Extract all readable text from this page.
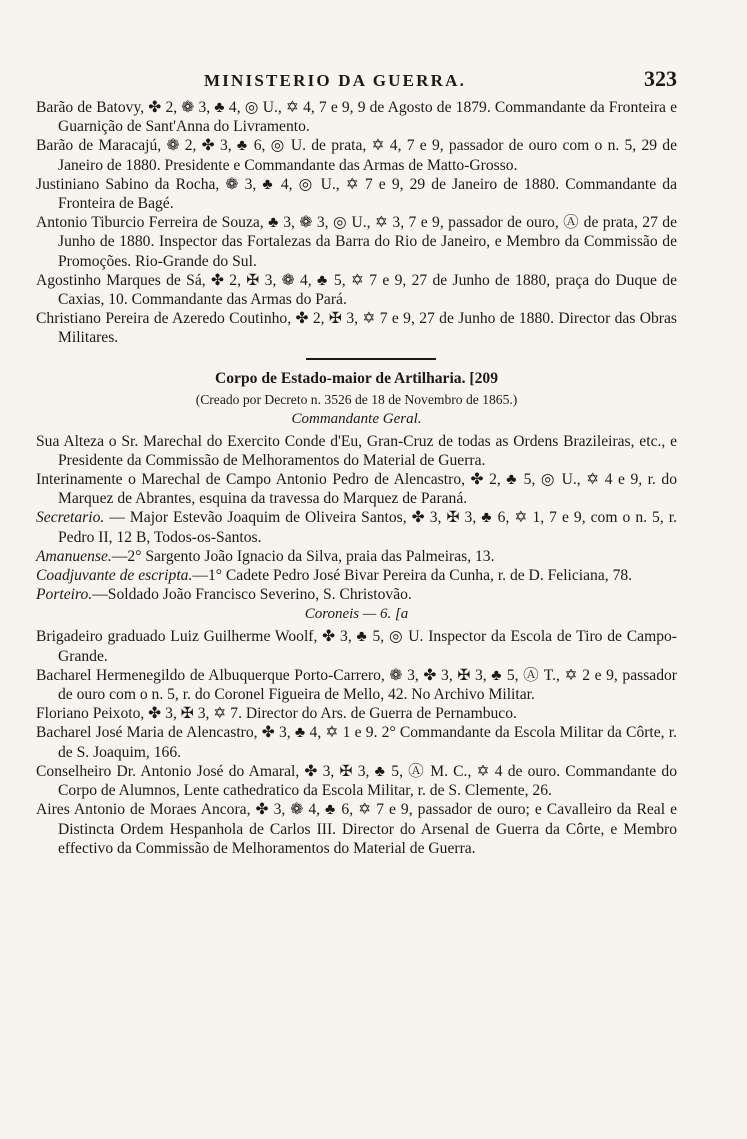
MINISTERIO DA GUERRA.	323

Barão de Batovy, ✤ 2, ❁ 3, ♣ 4, ◎ U., ✡ 4, 7 e 9, 9 de Agosto de 1879. Commandante da Fronteira e Guarnição de Sant'Anna do Livramento.

Barão de Maracajú, ❁ 2, ✤ 3, ♣ 6, ◎ U. de prata, ✡ 4, 7 e 9, passador de ouro com o n. 5, 29 de Janeiro de 1880. Presidente e Commandante das Armas de Matto-Grosso.

Justiniano Sabino da Rocha, ❁ 3, ♣ 4, ◎ U., ✡ 7 e 9, 29 de Janeiro de 1880. Commandante da Fronteira de Bagé.

Antonio Tiburcio Ferreira de Souza, ♣ 3, ❁ 3, ◎ U., ✡ 3, 7 e 9, passador de ouro, Ⓐ de prata, 27 de Junho de 1880. Inspector das Fortalezas da Barra do Rio de Janeiro, e Membro da Commissão de Promoções. Rio-Grande do Sul.

Agostinho Marques de Sá, ✤ 2, ✠ 3, ❁ 4, ♣ 5, ✡ 7 e 9, 27 de Junho de 1880, praça do Duque de Caxias, 10. Commandante das Armas do Pará.

Christiano Pereira de Azeredo Coutinho, ✤ 2, ✠ 3, ✡ 7 e 9, 27 de Junho de 1880. Director das Obras Militares.

Corpo de Estado-maior de Artilharia. [209
(Creado por Decreto n. 3526 de 18 de Novembro de 1865.)
Commandante Geral.

Sua Alteza o Sr. Marechal do Exercito Conde d'Eu, Gran-Cruz de todas as Ordens Brazileiras, etc., e Presidente da Commissão de Melhoramentos do Material de Guerra.

Interinamente o Marechal de Campo Antonio Pedro de Alencastro, ✤ 2, ♣ 5, ◎ U., ✡ 4 e 9, r. do Marquez de Abrantes, esquina da travessa do Marquez de Paraná.

Secretario. — Major Estevão Joaquim de Oliveira Santos, ✤ 3, ✠ 3, ♣ 6, ✡ 1, 7 e 9, com o n. 5, r. Pedro II, 12 B, Todos-os-Santos.

Amanuense.—2° Sargento João Ignacio da Silva, praia das Palmeiras, 13.

Coadjuvante de escripta.—1° Cadete Pedro José Bivar Pereira da Cunha, r. de D. Feliciana, 78.

Porteiro.—Soldado João Francisco Severino, S. Christovão.

Coroneis — 6. [a

Brigadeiro graduado Luiz Guilherme Woolf, ✤ 3, ♣ 5, ◎ U. Inspector da Escola de Tiro de Campo-Grande.

Bacharel Hermenegildo de Albuquerque Porto-Carrero, ❁ 3, ✤ 3, ✠ 3, ♣ 5, Ⓐ T., ✡ 2 e 9, passador de ouro com o n. 5, r. do Coronel Figueira de Mello, 42. No Archivo Militar.

Floriano Peixoto, ✤ 3, ✠ 3, ✡ 7. Director do Ars. de Guerra de Pernambuco.

Bacharel José Maria de Alencastro, ✤ 3, ♣ 4, ✡ 1 e 9. 2° Commandante da Escola Militar da Côrte, r. de S. Joaquim, 166.

Conselheiro Dr. Antonio José do Amaral, ✤ 3, ✠ 3, ♣ 5, Ⓐ M. C., ✡ 4 de ouro. Commandante do Corpo de Alumnos, Lente cathedratico da Escola Militar, r. de S. Clemente, 26.

Aires Antonio de Moraes Ancora, ✤ 3, ❁ 4, ♣ 6, ✡ 7 e 9, passador de ouro; e Cavalleiro da Real e Distincta Ordem Hespanhola de Carlos III. Director do Arsenal de Guerra da Côrte, e Membro effectivo da Commissão de Melhoramentos do Material de Guerra.
